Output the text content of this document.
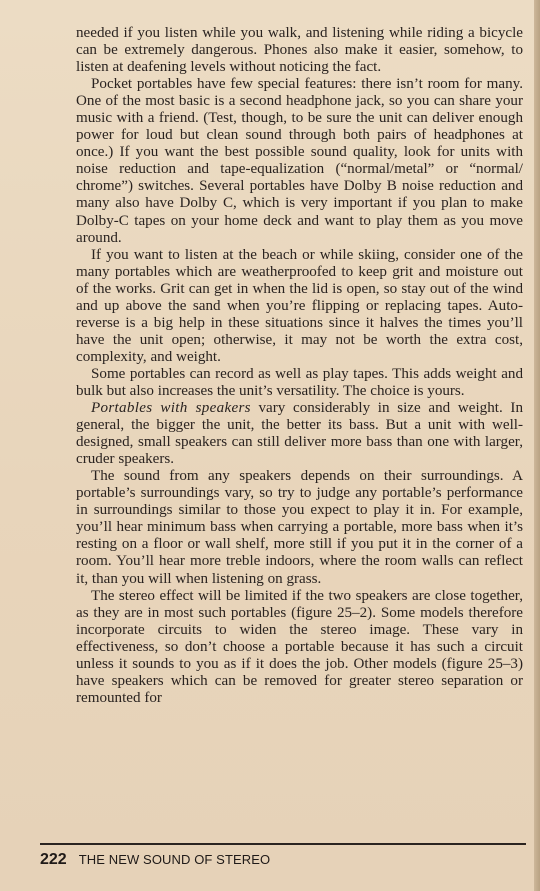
needed if you listen while you walk, and listening while riding a bicycle can be extremely dangerous. Phones also make it easier, somehow, to listen at deafening levels without noticing the fact.

Pocket portables have few special features: there isn’t room for many. One of the most basic is a second headphone jack, so you can share your music with a friend. (Test, though, to be sure the unit can deliver enough power for loud but clean sound through both pairs of headphones at once.) If you want the best possible sound quality, look for units with noise reduction and tape-equalization (“normal/metal” or “normal/ chrome”) switches. Several portables have Dolby B noise reduction and many also have Dolby C, which is very important if you plan to make Dolby-C tapes on your home deck and want to play them as you move around.

If you want to listen at the beach or while skiing, consider one of the many portables which are weatherproofed to keep grit and moisture out of the works. Grit can get in when the lid is open, so stay out of the wind and up above the sand when you’re flipping or replacing tapes. Auto-reverse is a big help in these situations since it halves the times you’ll have the unit open; otherwise, it may not be worth the extra cost, complexity, and weight.

Some portables can record as well as play tapes. This adds weight and bulk but also increases the unit’s versatility. The choice is yours.

Portables with speakers vary considerably in size and weight. In general, the bigger the unit, the better its bass. But a unit with well-designed, small speakers can still deliver more bass than one with larger, cruder speakers.

The sound from any speakers depends on their surroundings. A portable’s surroundings vary, so try to judge any portable’s performance in surroundings similar to those you expect to play it in. For example, you’ll hear minimum bass when carrying a portable, more bass when it’s resting on a floor or wall shelf, more still if you put it in the corner of a room. You’ll hear more treble indoors, where the room walls can reflect it, than you will when listening on grass.

The stereo effect will be limited if the two speakers are close together, as they are in most such portables (figure 25–2). Some models therefore incorporate circuits to widen the stereo image. These vary in effectiveness, so don’t choose a portable because it has such a circuit unless it sounds to you as if it does the job. Other models (figure 25–3) have speakers which can be removed for greater stereo separation or remounted for

222 THE NEW SOUND OF STEREO
